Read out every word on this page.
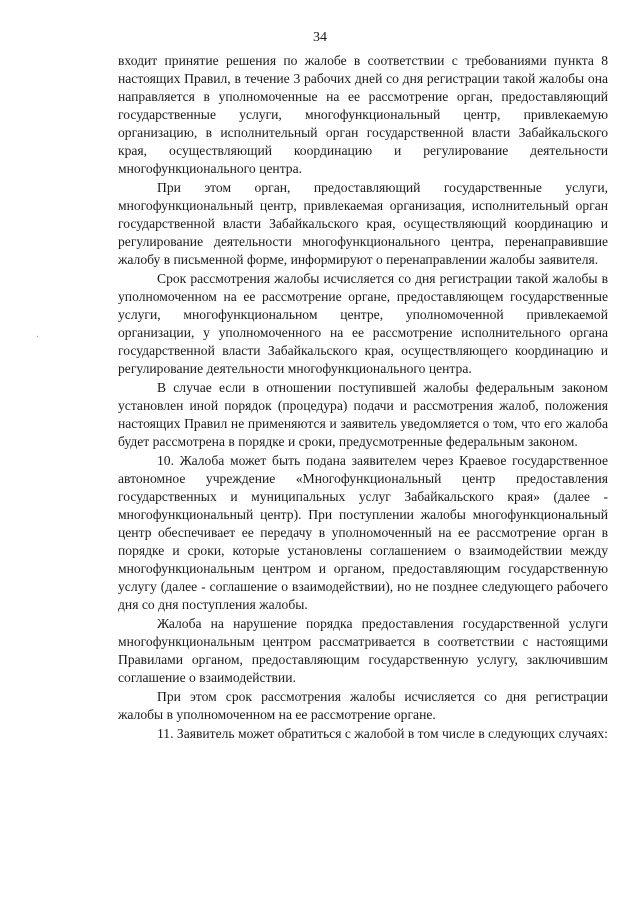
34
·

входит принятие решения по жалобе в соответствии с требованиями пункта 8 настоящих Правил, в течение 3 рабочих дней со дня регистрации такой жалобы она направляется в уполномоченные на ее рассмотрение орган, предоставляющий государственные услуги, многофункциональный центр, привлекаемую организацию, в исполнительный орган государственной власти Забайкальского края, осуществляющий координацию и регулирование деятельности многофункционального центра.

При этом орган, предоставляющий государственные услуги, многофункциональный центр, привлекаемая организация, исполнительный орган государственной власти Забайкальского края, осуществляющий координацию и регулирование деятельности многофункционального центра, перенаправившие жалобу в письменной форме, информируют о перенаправлении жалобы заявителя.

Срок рассмотрения жалобы исчисляется со дня регистрации такой жалобы в уполномоченном на ее рассмотрение органе, предоставляющем государственные услуги, многофункциональном центре, уполномоченной привлекаемой организации, у уполномоченного на ее рассмотрение исполнительного органа государственной власти Забайкальского края, осуществляющего координацию и регулирование деятельности многофункционального центра.

В случае если в отношении поступившей жалобы федеральным законом установлен иной порядок (процедура) подачи и рассмотрения жалоб, положения настоящих Правил не применяются и заявитель уведомляется о том, что его жалоба будет рассмотрена в порядке и сроки, предусмотренные федеральным законом.

10. Жалоба может быть подана заявителем через Краевое государственное автономное учреждение «Многофункциональный центр предоставления государственных и муниципальных услуг Забайкальского края» (далее - многофункциональный центр). При поступлении жалобы многофункциональный центр обеспечивает ее передачу в уполномоченный на ее рассмотрение орган в порядке и сроки, которые установлены соглашением о взаимодействии между многофункциональным центром и органом, предоставляющим государственную услугу (далее - соглашение о взаимодействии), но не позднее следующего рабочего дня со дня поступления жалобы.

Жалоба на нарушение порядка предоставления государственной услуги многофункциональным центром рассматривается в соответствии с настоящими Правилами органом, предоставляющим государственную услугу, заключившим соглашение о взаимодействии.

При этом срок рассмотрения жалобы исчисляется со дня регистрации жалобы в уполномоченном на ее рассмотрение органе.

11. Заявитель может обратиться с жалобой в том числе в следующих случаях:
